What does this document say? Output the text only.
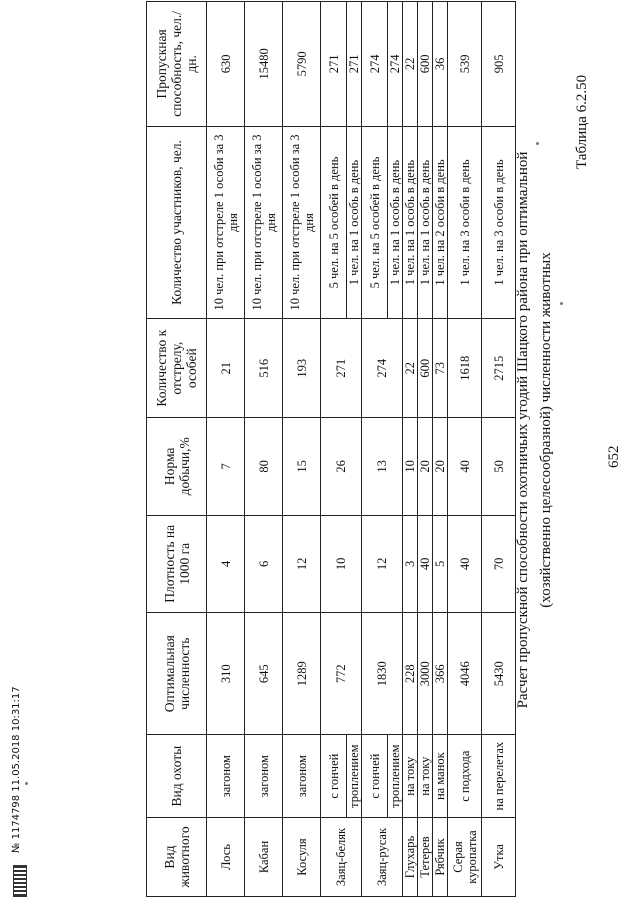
652
Таблица 6.2.50
Расчет пропускной способности охотничьих угодий Шацкого района при оптимальной (хозяйственно целесообразной) численности животных
Вид животного	Вид охоты	Оптимальная численность	Плотность на 1000 га	Норма добычи,%	Количество к отстрелу, особей	Количество участников, чел.	Пропускная способность, чел./дн.
Лось	загоном	310	4	7	21	10 чел. при отстреле 1 особи за 3 дня	630
Кабан	загоном	645	6	80	516	10 чел. при отстреле 1 особи за 3 дня	15480
Косуля	загоном	1289	12	15	193	10 чел. при отстреле 1 особи за 3 дня	5790
Заяц-беляк	с гончей	772	10	26	271	5 чел. на 5 особей в день	271
	троплением					1 чел. на 1 особь в день	271
Заяц-русак	с гончей	1830	12	13	274	5 чел. на 5 особей в день	274
	троплением					1 чел. на 1 особь в день	274
Глухарь	на току	228	3	10	22	1 чел. на 1 особь в день	22
Тетерев	на току	3000	40	20	600	1 чел. на 1 особь в день	600
Рябчик	на манок	366	5	20	73	1 чел. на 2 особи в день	36
Серая куропатка	с подхода	4046	40	40	1618	1 чел. на 3 особи в день	539
Утка	на перелетах	5430	70	50	2715	1 чел. на 3 особи в день	905
№ 1174798 11.05.2018 10:31:17
